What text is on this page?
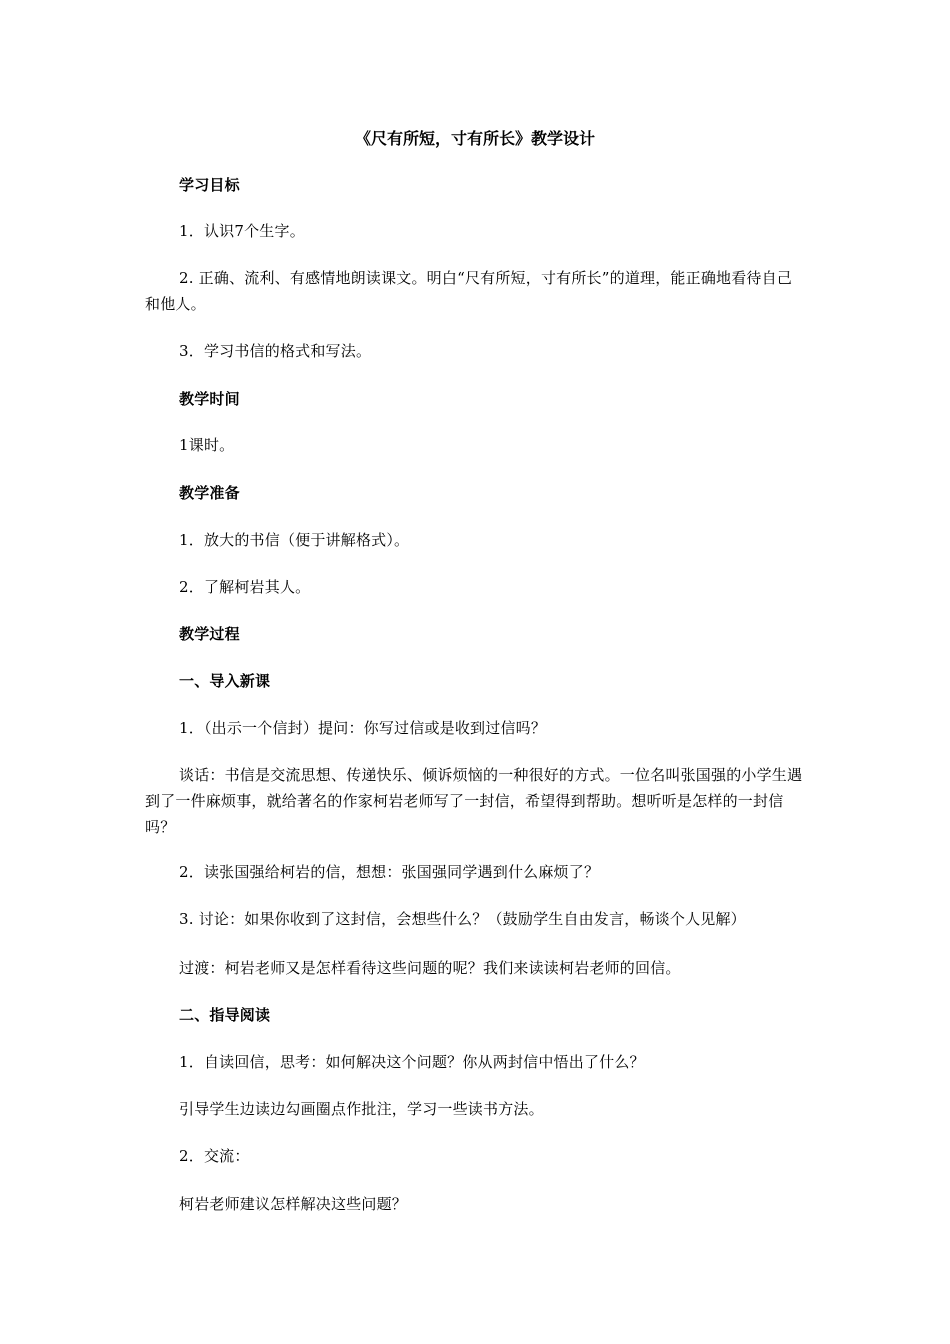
《尺有所短，寸有所长》教学设计

学习目标

1．认识7个生字。

2. 正确、流利、有感情地朗读课文。明白“尺有所短，寸有所长”的道理，能正确地看待自己和他人。

3．学习书信的格式和写法。

教学时间

1课时。

教学准备

1．放大的书信（便于讲解格式）。

2．了解柯岩其人。

教学过程

一、导入新课

1．（出示一个信封）提问：你写过信或是收到过信吗？

谈话：书信是交流思想、传递快乐、倾诉烦恼的一种很好的方式。一位名叫张国强的小学生遇到了一件麻烦事，就给著名的作家柯岩老师写了一封信，希望得到帮助。想听听是怎样的一封信吗？

2．读张国强给柯岩的信，想想：张国强同学遇到什么麻烦了？

3. 讨论：如果你收到了这封信，会想些什么？（鼓励学生自由发言，畅谈个人见解）

过渡：柯岩老师又是怎样看待这些问题的呢？我们来读读柯岩老师的回信。

二、指导阅读

1．自读回信，思考：如何解决这个问题？你从两封信中悟出了什么？

引导学生边读边勾画圈点作批注，学习一些读书方法。

2．交流：

柯岩老师建议怎样解决这些问题？
